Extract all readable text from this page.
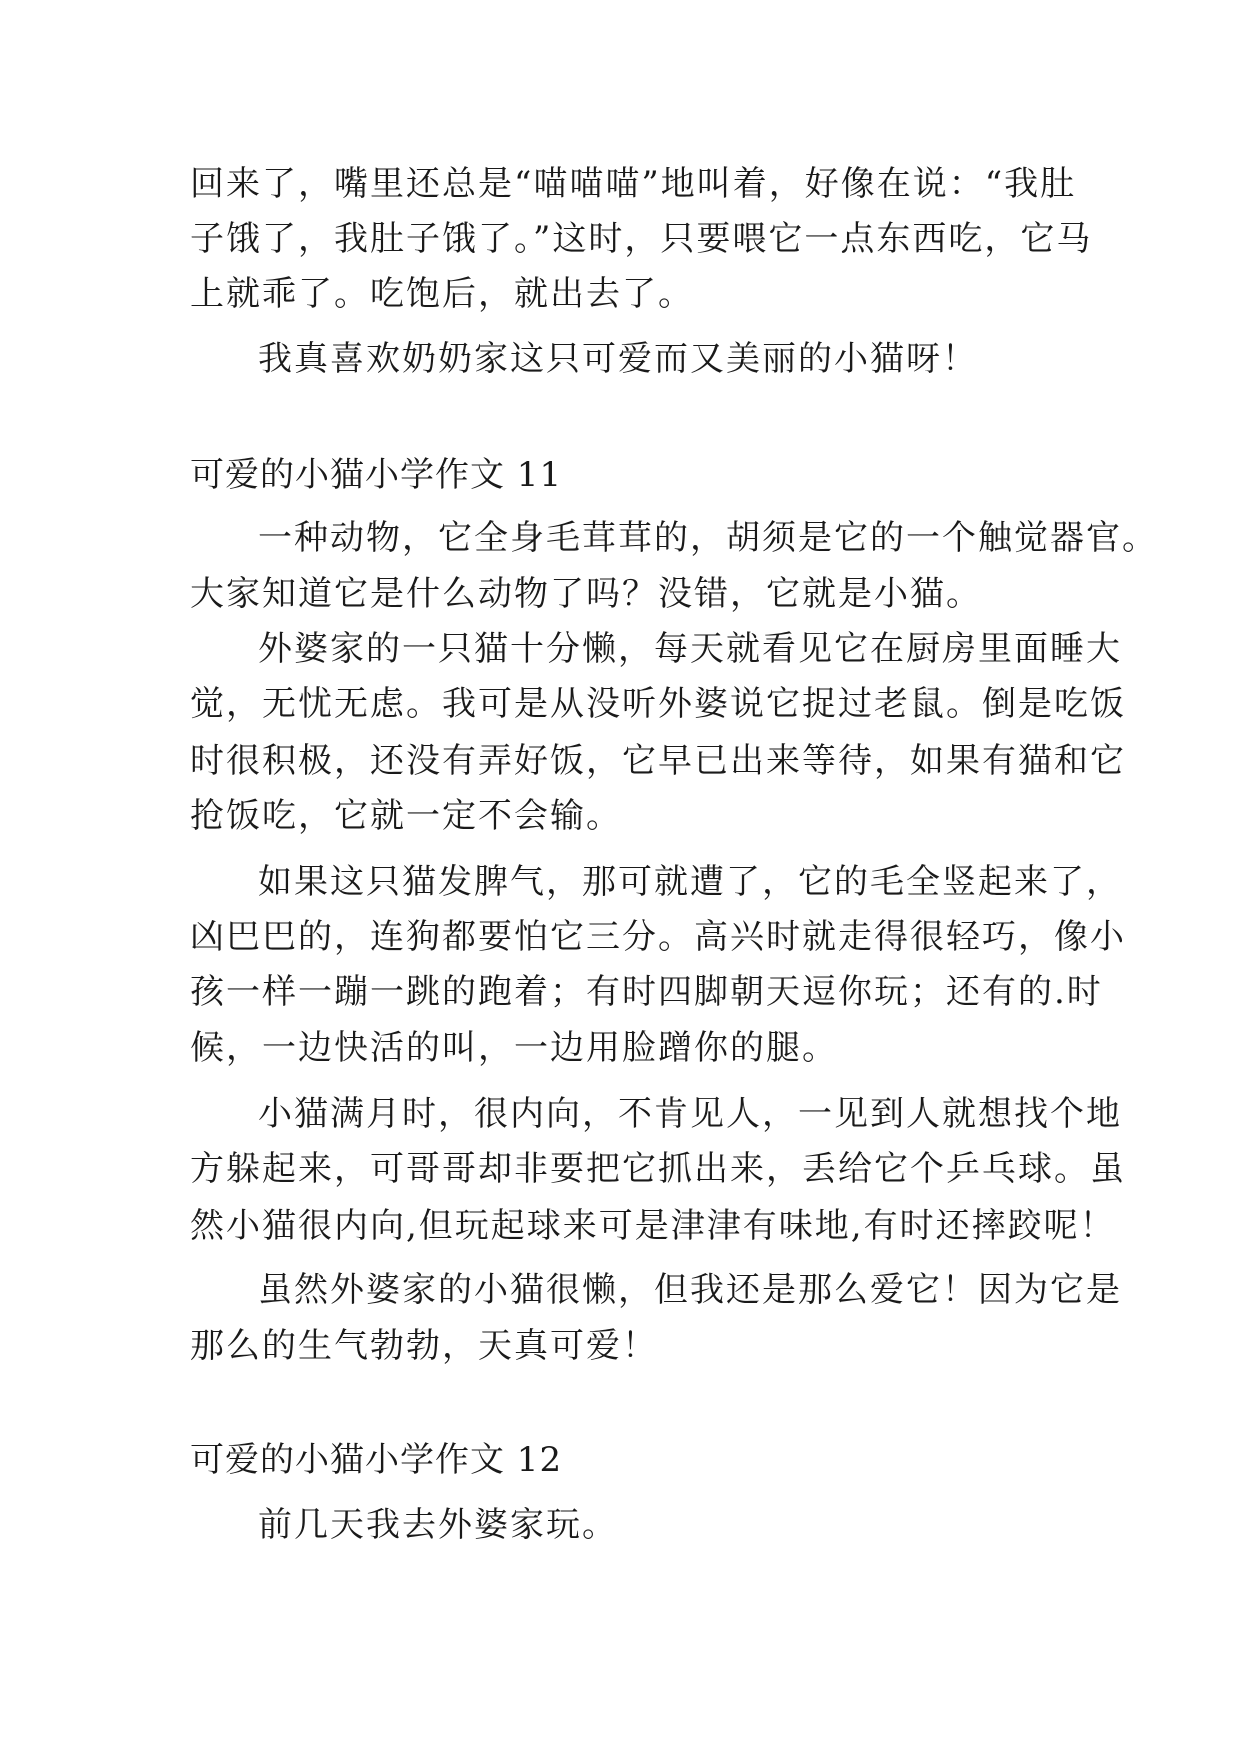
回来了，嘴里还总是“喵喵喵”地叫着，好像在说：“我肚
子饿了，我肚子饿了。”这时，只要喂它一点东西吃，它马
上就乖了。吃饱后，就出去了。
我真喜欢奶奶家这只可爱而又美丽的小猫呀！
可爱的小猫小学作文 11
一种动物，它全身毛茸茸的，胡须是它的一个触觉器官。
大家知道它是什么动物了吗？没错，它就是小猫。
外婆家的一只猫十分懒，每天就看见它在厨房里面睡大
觉，无忧无虑。我可是从没听外婆说它捉过老鼠。倒是吃饭
时很积极，还没有弄好饭，它早已出来等待，如果有猫和它
抢饭吃，它就一定不会输。
如果这只猫发脾气，那可就遭了，它的毛全竖起来了，
凶巴巴的，连狗都要怕它三分。高兴时就走得很轻巧，像小
孩一样一蹦一跳的跑着；有时四脚朝天逗你玩；还有的.时
候，一边快活的叫，一边用脸蹭你的腿。
小猫满月时，很内向，不肯见人，一见到人就想找个地
方躲起来，可哥哥却非要把它抓出来，丢给它个乒乓球。虽
然小猫很内向,但玩起球来可是津津有味地,有时还摔跤呢！
虽然外婆家的小猫很懒，但我还是那么爱它！因为它是
那么的生气勃勃，天真可爱！
可爱的小猫小学作文 12
前几天我去外婆家玩。
